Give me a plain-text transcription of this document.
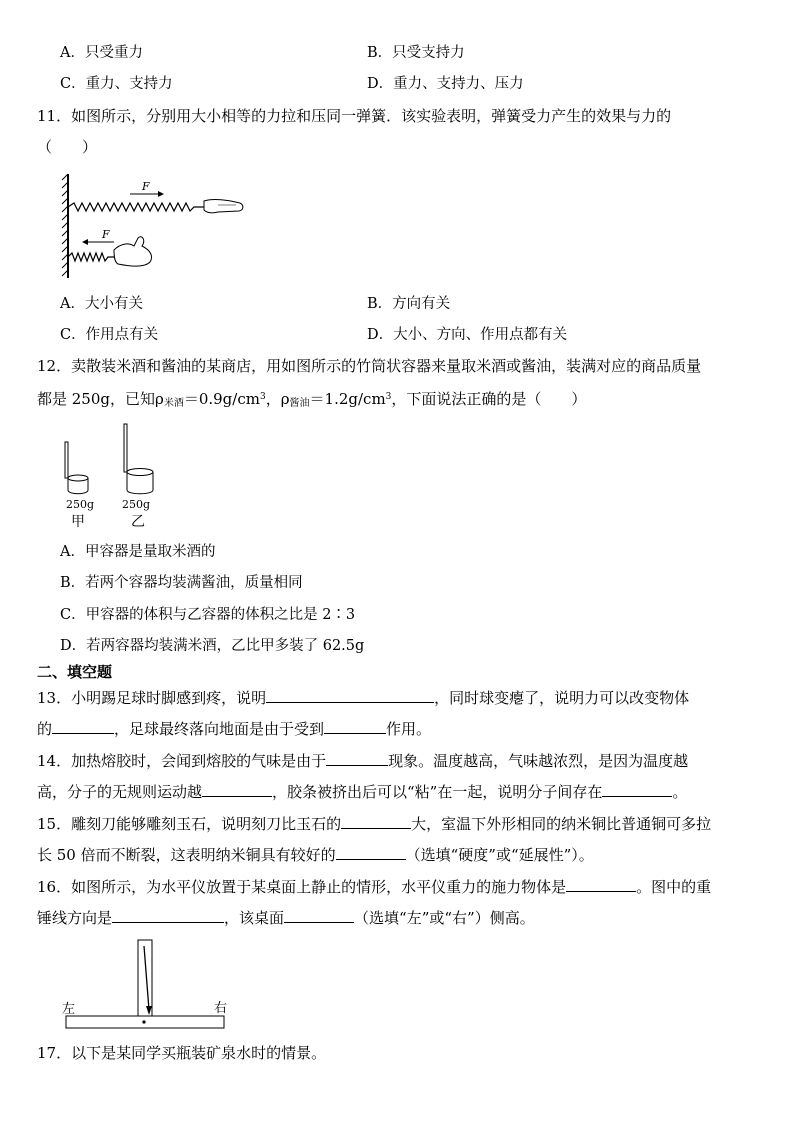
A．只受重力	B．只受支持力
C．重力、支持力	D．重力、支持力、压力
11．如图所示，分别用大小相等的力拉和压同一弹簧．该实验表明，弹簧受力产生的效果与力的
（　　）
F
F
A．大小有关	B．方向有关
C．作用点有关	D．大小、方向、作用点都有关
12．卖散装米酒和酱油的某商店，用如图所示的竹筒状容器来量取米酒或酱油，装满对应的商品质量
都是 250g，已知$\rho_{米酒}=0.9g/cm^3$，$\rho_{酱油}=1.2g/cm^3$，下面说法正确的是（　　）
250g	250g
甲	乙
A．甲容器是量取米酒的
B．若两个容器均装满酱油，质量相同
C．甲容器的体积与乙容器的体积之比是 2∶3
D．若两容器均装满米酒，乙比甲多装了 62.5g
二、填空题
13．小明踢足球时脚感到疼，说明	，同时球变瘪了，说明力可以改变物体
的	，足球最终落向地面是由于受到	作用。
14．加热熔胶时，会闻到熔胶的气味是由于	现象。温度越高，气味越浓烈，是因为温度越
高，分子的无规则运动越	，胶条被挤出后可以“粘”在一起，说明分子间存在	。
15．雕刻刀能够雕刻玉石，说明刻刀比玉石的	大，室温下外形相同的纳米铜比普通铜可多拉
长 50 倍而不断裂，这表明纳米铜具有较好的	（选填“硬度”或“延展性”）。
16．如图所示，为水平仪放置于某桌面上静止的情形，水平仪重力的施力物体是	。图中的重
锤线方向是	，该桌面	（选填“左”或“右”）侧高。
左	右
17．以下是某同学买瓶装矿泉水时的情景。
